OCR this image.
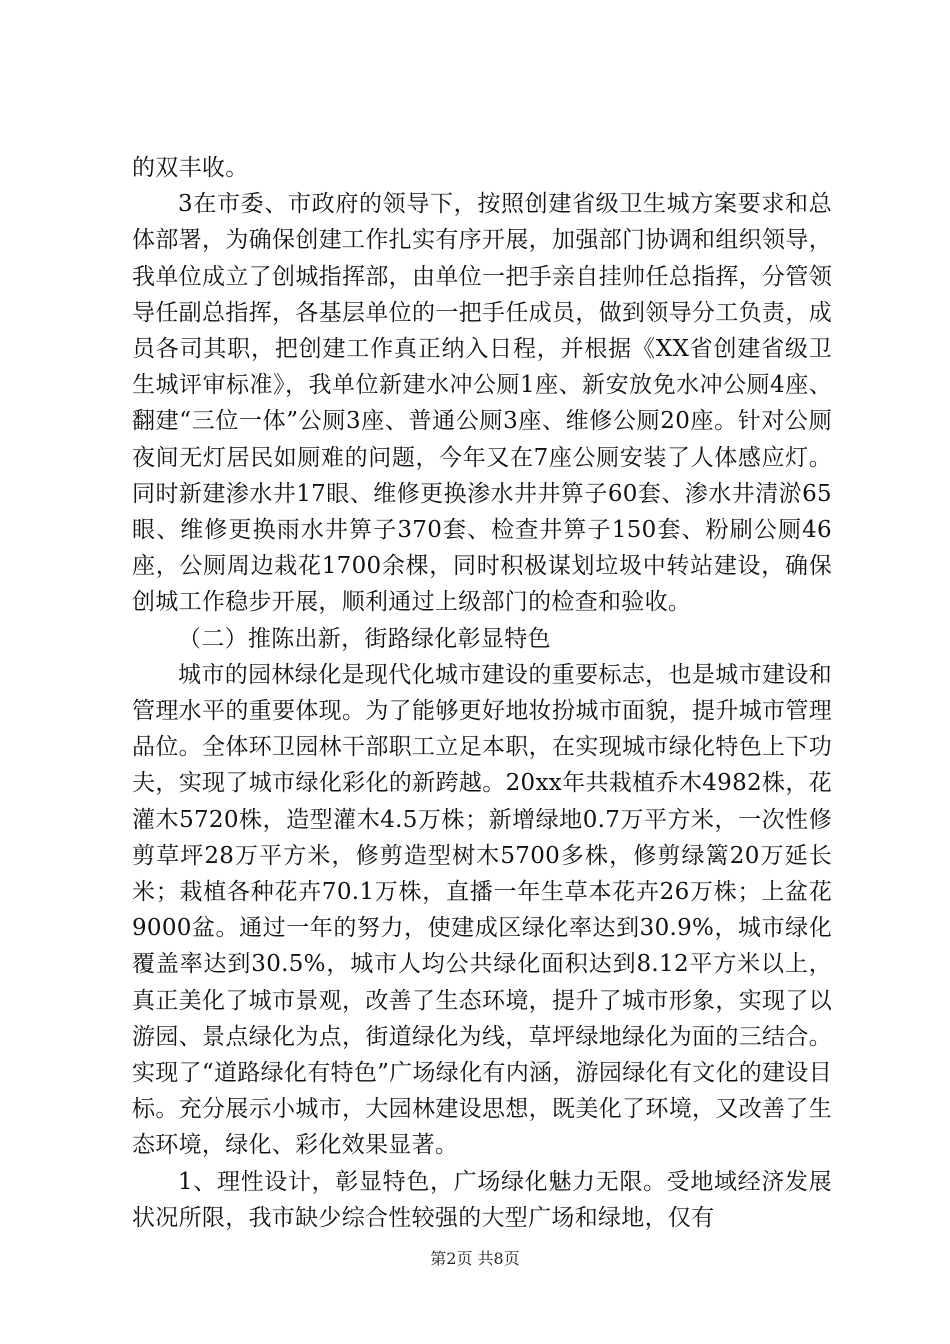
的双丰收。

3在市委、市政府的领导下，按照创建省级卫生城方案要求和总体部署，为确保创建工作扎实有序开展，加强部门协调和组织领导，我单位成立了创城指挥部，由单位一把手亲自挂帅任总指挥，分管领导任副总指挥，各基层单位的一把手任成员，做到领导分工负责，成员各司其职，把创建工作真正纳入日程，并根据《XX省创建省级卫生城评审标准》，我单位新建水冲公厕1座、新安放免水冲公厕4座、翻建“三位一体”公厕3座、普通公厕3座、维修公厕20座。针对公厕夜间无灯居民如厕难的问题，今年又在7座公厕安装了人体感应灯。同时新建渗水井17眼、维修更换渗水井井箅子60套、渗水井清淤65眼、维修更换雨水井箅子370套、检查井箅子150套、粉刷公厕46座，公厕周边栽花1700余棵，同时积极谋划垃圾中转站建设，确保创城工作稳步开展，顺利通过上级部门的检查和验收。

（二）推陈出新，街路绿化彰显特色

城市的园林绿化是现代化城市建设的重要标志，也是城市建设和管理水平的重要体现。为了能够更好地妆扮城市面貌，提升城市管理品位。全体环卫园林干部职工立足本职，在实现城市绿化特色上下功夫，实现了城市绿化彩化的新跨越。20xx年共栽植乔木4982株，花灌木5720株，造型灌木4.5万株；新增绿地0.7万平方米，一次性修剪草坪28万平方米，修剪造型树木5700多株，修剪绿篱20万延长米；栽植各种花卉70.1万株，直播一年生草本花卉26万株；上盆花9000盆。通过一年的努力，使建成区绿化率达到30.9%，城市绿化覆盖率达到30.5%，城市人均公共绿化面积达到8.12平方米以上，真正美化了城市景观，改善了生态环境，提升了城市形象，实现了以游园、景点绿化为点，街道绿化为线，草坪绿地绿化为面的三结合。实现了“道路绿化有特色”广场绿化有内涵，游园绿化有文化的建设目标。充分展示小城市，大园林建设思想，既美化了环境，又改善了生态环境，绿化、彩化效果显著。

1、理性设计，彰显特色，广场绿化魅力无限。受地域经济发展状况所限，我市缺少综合性较强的大型广场和绿地，仅有

第2页 共8页
